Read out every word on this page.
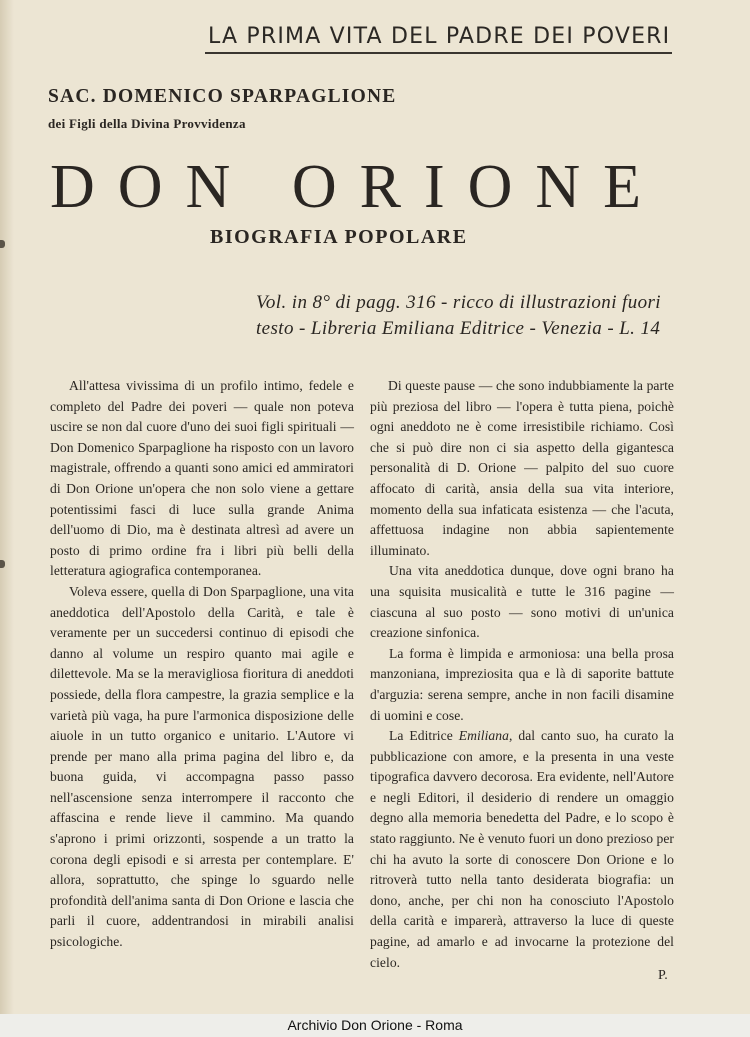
LA PRIMA VITA DEL PADRE DEI POVERI
SAC. DOMENICO SPARPAGLIONE
dei Figli della Divina Provvidenza
DON ORIONE
BIOGRAFIA POPOLARE
Vol. in 8° di pagg. 316 - ricco di illustrazioni fuori
testo - Libreria Emiliana Editrice - Venezia - L. 14

All'attesa vivissima di un profilo intimo, fedele e completo del Padre dei poveri — quale non poteva uscire se non dal cuore d'uno dei suoi figli spirituali — Don Domenico Sparpaglione ha risposto con un lavoro magistrale, offrendo a quanti sono amici ed ammiratori di Don Orione un'opera che non solo viene a gettare potentissimi fasci di luce sulla grande Anima dell'uomo di Dio, ma è destinata altresì ad avere un posto di primo ordine fra i libri più belli della letteratura agiografica contemporanea.

Voleva essere, quella di Don Sparpaglione, una vita aneddotica dell'Apostolo della Carità, e tale è veramente per un succedersi continuo di episodi che danno al volume un respiro quanto mai agile e dilettevole. Ma se la meravigliosa fioritura di aneddoti possiede, della flora campestre, la grazia semplice e la varietà più vaga, ha pure l'armonica disposizione delle aiuole in un tutto organico e unitario. L'Autore vi prende per mano alla prima pagina del libro e, da buona guida, vi accompagna passo passo nell'ascensione senza interrompere il racconto che affascina e rende lieve il cammino. Ma quando s'aprono i primi orizzonti, sospende a un tratto la corona degli episodi e si arresta per contemplare. E' allora, soprattutto, che spinge lo sguardo nelle profondità dell'anima santa di Don Orione e lascia che parli il cuore, addentrandosi in mirabili analisi psicologiche.

Di queste pause — che sono indubbiamente la parte più preziosa del libro — l'opera è tutta piena, poichè ogni aneddoto ne è come irresistibile richiamo. Così che si può dire non ci sia aspetto della gigantesca personalità di D. Orione — palpito del suo cuore affocato di carità, ansia della sua vita interiore, momento della sua infaticata esistenza — che l'acuta, affettuosa indagine non abbia sapientemente illuminato.

Una vita aneddotica dunque, dove ogni brano ha una squisita musicalità e tutte le 316 pagine — ciascuna al suo posto — sono motivi di un'unica creazione sinfonica.

La forma è limpida e armoniosa: una bella prosa manzoniana, impreziosita qua e là di saporite battute d'arguzia: serena sempre, anche in non facili disamine di uomini e cose.

La Editrice Emiliana, dal canto suo, ha curato la pubblicazione con amore, e la presenta in una veste tipografica davvero decorosa. Era evidente, nell'Autore e negli Editori, il desiderio di rendere un omaggio degno alla memoria benedetta del Padre, e lo scopo è stato raggiunto. Ne è venuto fuori un dono prezioso per chi ha avuto la sorte di conoscere Don Orione e lo ritroverà tutto nella tanto desiderata biografia: un dono, anche, per chi non ha conosciuto l'Apostolo della carità e imparerà, attraverso la luce di queste pagine, ad amarlo e ad invocarne la protezione del cielo.

P.
Archivio Don Orione - Roma
